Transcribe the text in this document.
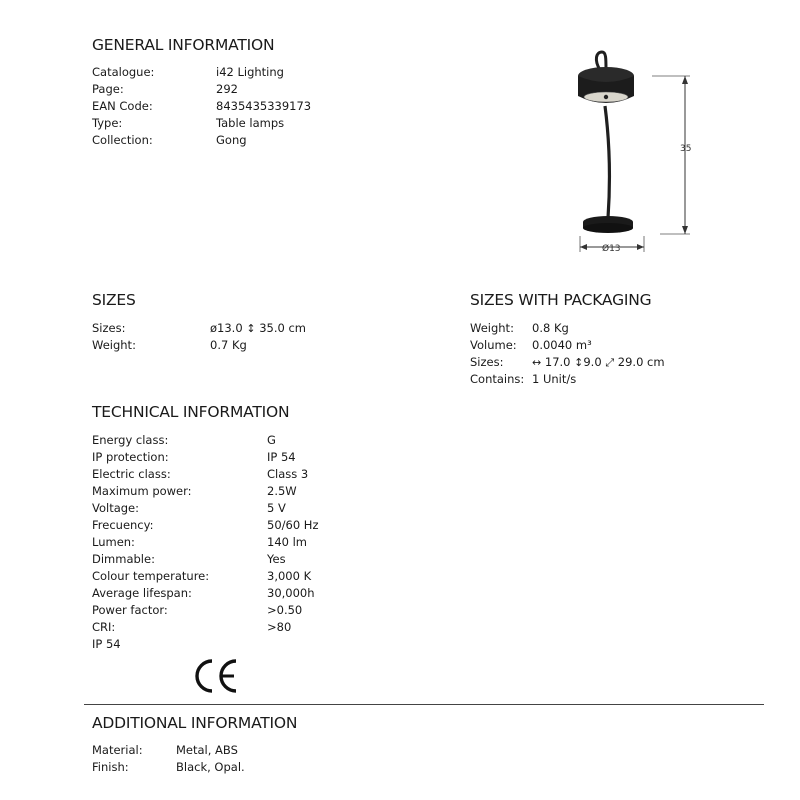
GENERAL INFORMATION
Catalogue:	i42 Lighting
Page:	292
EAN Code:	8435435339173
Type:	Table lamps
Collection:	Gong
35
Ø13
SIZES
Sizes:	ø13.0 ↕ 35.0 cm
Weight:	0.7 Kg
SIZES WITH PACKAGING
Weight: 0.8 Kg
Volume: 0.0040 m³
Sizes:	↔ 17.0 ↕9.0 ⤢ 29.0 cm
Contains: 1 Unit/s
TECHNICAL INFORMATION
Energy class:	G
IP protection:	IP 54
Electric class:	Class 3
Maximum power:	2.5W
Voltage:	5 V
Frecuency:	50/60 Hz
Lumen:	140 lm
Dimmable:	Yes
Colour temperature:	3,000 K
Average lifespan:	30,000h
Power factor:	>0.50
CRI:	>80
IP 54
ADDITIONAL INFORMATION
Material:	Metal, ABS
Finish:	Black, Opal.
